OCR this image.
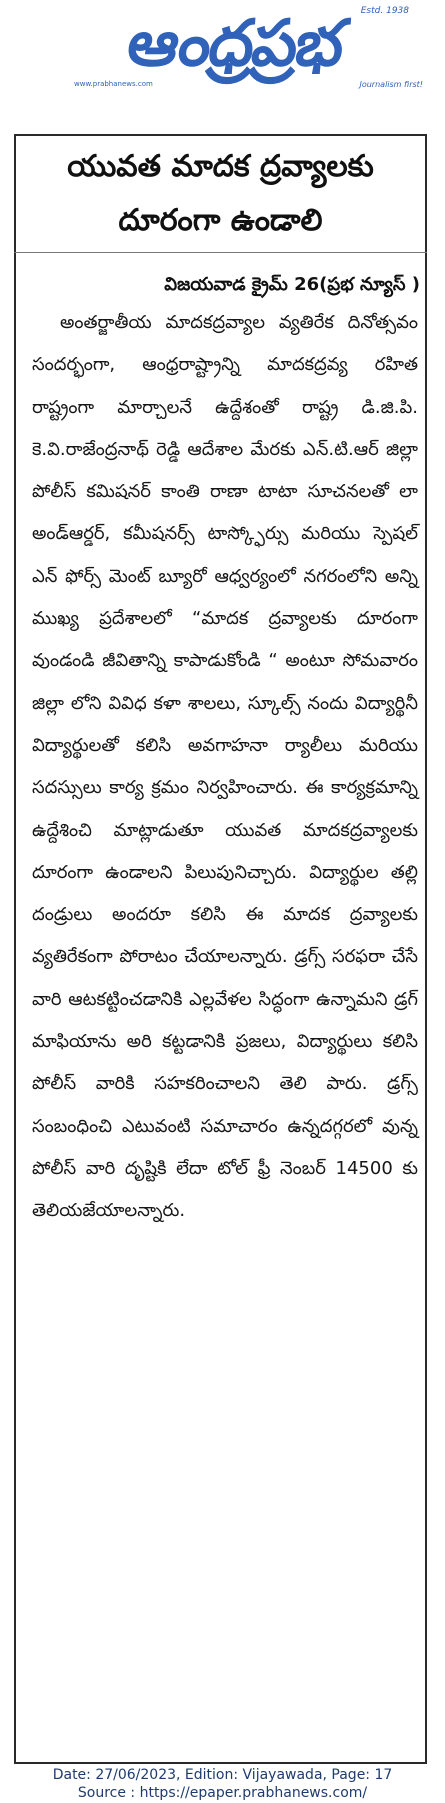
ఆంధ్రప్రభ	Estd. 1938
www.prabhanews.com	Journalism first!
యువత మాదక ద్రవ్యాలకు
దూరంగా ఉండాలి
విజయవాడ క్రైమ్ 26(ప్రభ న్యూస్ )
అంతర్జాతీయ మాదకద్రవ్యాల వ్యతిరేక దినోత్సవం సందర్భంగా, ఆంధ్రరాష్ట్రాన్ని మాదకద్రవ్య రహిత రాష్ట్రంగా మార్చాలనే ఉద్దేశంతో రాష్ట్ర డి.జి.పి. కె.వి.రాజేంద్రనాథ్ రెడ్డి ఆదేశాల మేరకు ఎన్.టి.ఆర్ జిల్లా పోలీస్ కమిషనర్ కాంతి రాణా టాటా సూచనలతో లా అండ్ఆర్డర్, కమీషనర్స్ టాస్క్ఫోర్సు మరియు స్పెషల్ ఎన్ ఫోర్స్ మెంట్ బ్యూరో ఆధ్వర్యంలో నగరంలోని అన్ని ముఖ్య ప్రదేశాలలో “మాదక ద్రవ్యాలకు దూరంగా వుండండి జీవితాన్ని కాపాడుకోండి “ అంటూ సోమవారం జిల్లా లోని వివిధ కళా శాలలు, స్కూల్స్ నందు విద్యార్థినీ విద్యార్థులతో కలిసి అవగాహనా ర్యాలీలు మరియు సదస్సులు కార్య క్రమం నిర్వహించారు. ఈ కార్యక్రమాన్ని ఉద్దేశించి మాట్లాడుతూ యువత మాదకద్రవ్యాలకు దూరంగా ఉండాలని పిలుపునిచ్చారు. విద్యార్థుల తల్లి దండ్రులు అందరూ కలిసి ఈ మాదక ద్రవ్యాలకు వ్యతిరేకంగా పోరాటం చేయాలన్నారు. డ్రగ్స్ సరఫరా చేసే వారి ఆటకట్టించడానికి ఎల్లవేళల సిద్ధంగా ఉన్నామని డ్రగ్ మాఫియాను అరి కట్టడానికి ప్రజలు, విద్యార్థులు కలిసి పోలీస్ వారికి సహకరించాలని తెలి పారు. డ్రగ్స్ సంబంధించి ఎటువంటి సమాచారం ఉన్నదగ్గరలో వున్న పోలీస్ వారి దృష్టికి లేదా టోల్ ఫ్రీ నెంబర్ 14500 కు తెలియజేయాలన్నారు.
Date: 27/06/2023, Edition: Vijayawada, Page: 17
Source : https://epaper.prabhanews.com/
